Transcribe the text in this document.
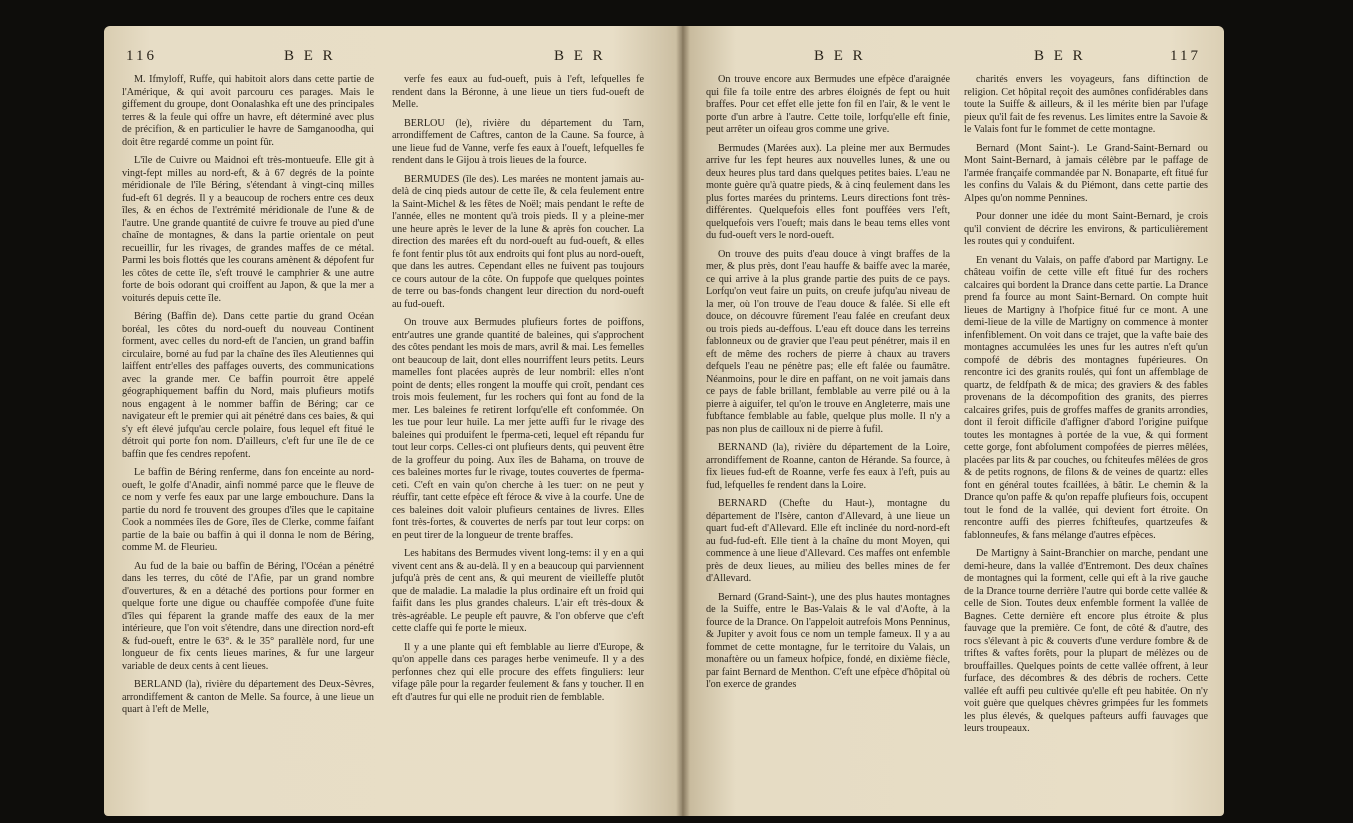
116	B E R	B E R

M. Ifmyloff, Ruffe, qui habitoit alors dans cette partie de l'Amérique, & qui avoit parcouru ces parages. Mais le giffement du groupe, dont Oonalashka eft une des principales terres & la feule qui offre un havre, eft déterminé avec plus de précifion, & en particulier le havre de Samganoodha, qui doit être regardé comme un point fûr.

L'île de Cuivre ou Maidnoi eft très-montueufe. Elle git à vingt-fept milles au nord-eft, & à 67 degrés de la pointe méridionale de l'île Béring, s'étendant à vingt-cinq milles fud-eft 61 degrés. Il y a beaucoup de rochers entre ces deux îles, & en échos de l'extrémité méridionale de l'une & de l'autre. Une grande quantité de cuivre fe trouve au pied d'une chaîne de montagnes, & dans la partie orientale on peut recueillir, fur les rivages, de grandes maffes de ce métal. Parmi les bois flottés que les courans amènent & dépofent fur les côtes de cette île, s'eft trouvé le camphrier & une autre forte de bois odorant qui croiffent au Japon, & que la mer a voiturés depuis cette île.

Béring (Baffin de). Dans cette partie du grand Océan boréal, les côtes du nord-oueft du nouveau Continent forment, avec celles du nord-eft de l'ancien, un grand baffin circulaire, borné au fud par la chaîne des îles Aleutiennes qui laiffent entr'elles des paffages ouverts, des communications avec la grande mer. Ce baffin pourroit être appelé géographiquement baffin du Nord, mais plufieurs motifs nous engagent à le nommer baffin de Béring; car ce navigateur eft le premier qui ait pénétré dans ces baies, & qui s'y eft élevé jufqu'au cercle polaire, fous lequel eft fitué le détroit qui porte fon nom. D'ailleurs, c'eft fur une île de ce baffin que fes cendres repofent.

Le baffin de Béring renferme, dans fon enceinte au nord-oueft, le golfe d'Anadir, ainfi nommé parce que le fleuve de ce nom y verfe fes eaux par une large embouchure. Dans la partie du nord fe trouvent des groupes d'îles que le capitaine Cook a nommées îles de Gore, îles de Clerke, comme faifant partie de la baie ou baffin à qui il donna le nom de Béring, comme M. de Fleurieu.

Au fud de la baie ou baffin de Béring, l'Océan a pénétré dans les terres, du côté de l'Afie, par un grand nombre d'ouvertures, & en a détaché des portions pour former en quelque forte une digue ou chauffée compofée d'une fuite d'îles qui féparent la grande maffe des eaux de la mer intérieure, que l'on voit s'étendre, dans une direction nord-eft & fud-oueft, entre le 63°. & le 35° parallèle nord, fur une longueur de fix cents lieues marines, & fur une largeur variable de deux cents à cent lieues.

BERLAND (la), rivière du département des Deux-Sèvres, arrondiffement & canton de Melle. Sa fource, à une lieue un quart à l'eft de Melle,

verfe fes eaux au fud-oueft, puis à l'eft, lefquelles fe rendent dans la Béronne, à une lieue un tiers fud-oueft de Melle.

BERLOU (le), rivière du département du Tarn, arrondiffement de Caftres, canton de la Caune. Sa fource, à une lieue fud de Vanne, verfe fes eaux à l'oueft, lefquelles fe rendent dans le Gijou à trois lieues de la fource.

BERMUDES (île des). Les marées ne montent jamais au-delà de cinq pieds autour de cette île, & cela feulement entre la Saint-Michel & les fêtes de Noël; mais pendant le refte de l'année, elles ne montent qu'à trois pieds. Il y a pleine-mer une heure après le lever de la lune & après fon coucher. La direction des marées eft du nord-oueft au fud-oueft, & elles fe font fentir plus tôt aux endroits qui font plus au nord-oueft, que dans les autres. Cependant elles ne fuivent pas toujours ce cours autour de la côte. On fuppofe que quelques pointes de terre ou bas-fonds changent leur direction du nord-oueft au fud-oueft.

On trouve aux Bermudes plufieurs fortes de poiffons, entr'autres une grande quantité de baleines, qui s'approchent des côtes pendant les mois de mars, avril & mai. Les femelles ont beaucoup de lait, dont elles nourriffent leurs petits. Leurs mamelles font placées auprès de leur nombril: elles n'ont point de dents; elles rongent la mouffe qui croît, pendant ces trois mois feulement, fur les rochers qui font au fond de la mer. Les baleines fe retirent lorfqu'elle eft confommée. On les tue pour leur huile. La mer jette auffi fur le rivage des baleines qui produifent le fperma-ceti, lequel eft répandu fur tout leur corps. Celles-ci ont plufieurs dents, qui peuvent être de la groffeur du poing. Aux îles de Bahama, on trouve de ces baleines mortes fur le rivage, toutes couvertes de fperma-ceti. C'eft en vain qu'on cherche à les tuer: on ne peut y réuffir, tant cette efpèce eft féroce & vive à la courfe. Une de ces baleines doit valoir plufieurs centaines de livres. Elles font très-fortes, & couvertes de nerfs par tout leur corps: on en peut tirer de la longueur de trente braffes.

Les habitans des Bermudes vivent long-tems: il y en a qui vivent cent ans & au-delà. Il y en a beaucoup qui parviennent jufqu'à près de cent ans, & qui meurent de vieilleffe plutôt que de maladie. La maladie la plus ordinaire eft un froid qui faifit dans les plus grandes chaleurs. L'air eft très-doux & très-agréable. Le peuple eft pauvre, & l'on obferve que c'eft cette claffe qui fe porte le mieux.

Il y a une plante qui eft femblable au lierre d'Europe, & qu'on appelle dans ces parages herbe venimeufe. Il y a des perfonnes chez qui elle procure des effets finguliers: leur vifage pâle pour la regarder feulement & fans y toucher. Il en eft d'autres fur qui elle ne produit rien de femblable.

B E R	B E R	117

On trouve encore aux Bermudes une efpèce d'araignée qui file fa toile entre des arbres éloignés de fept ou huit braffes. Pour cet effet elle jette fon fil en l'air, & le vent le porte d'un arbre à l'autre. Cette toile, lorfqu'elle eft finie, peut arrêter un oifeau gros comme une grive.

Bermudes (Marées aux). La pleine mer aux Bermudes arrive fur les fept heures aux nouvelles lunes, & une ou deux heures plus tard dans quelques petites baies. L'eau ne monte guère qu'à quatre pieds, & à cinq feulement dans les plus fortes marées du printems. Leurs directions font très-différentes. Quelquefois elles font pouffées vers l'eft, quelquefois vers l'oueft; mais dans le beau tems elles vont du fud-oueft vers le nord-oueft.

On trouve des puits d'eau douce à vingt braffes de la mer, & plus près, dont l'eau hauffe & baiffe avec la marée, ce qui arrive à la plus grande partie des puits de ce pays. Lorfqu'on veut faire un puits, on creufe jufqu'au niveau de la mer, où l'on trouve de l'eau douce & falée. Si elle eft douce, on découvre fûrement l'eau falée en creufant deux ou trois pieds au-deffous. L'eau eft douce dans les terreins fablonneux ou de gravier que l'eau peut pénétrer, mais il en eft de même des rochers de pierre à chaux au travers defquels l'eau ne pénètre pas; elle eft falée ou faumâtre. Néanmoins, pour le dire en paffant, on ne voit jamais dans ce pays de fable brillant, femblable au verre pilé ou à la pierre à aiguifer, tel qu'on le trouve en Angleterre, mais une fubftance femblable au fable, quelque plus molle. Il n'y a pas non plus de cailloux ni de pierre à fufil.

BERNAND (la), rivière du département de la Loire, arrondiffement de Roanne, canton de Hérande. Sa fource, à fix lieues fud-eft de Roanne, verfe fes eaux à l'eft, puis au fud, lefquelles fe rendent dans la Loire.

BERNARD (Chefte du Haut-), montagne du département de l'Isère, canton d'Allevard, à une lieue un quart fud-eft d'Allevard. Elle eft inclinée du nord-nord-eft au fud-fud-eft. Elle tient à la chaîne du mont Moyen, qui commence à une lieue d'Allevard. Ces maffes ont enfemble près de deux lieues, au milieu des belles mines de fer d'Allevard.

Bernard (Grand-Saint-), une des plus hautes montagnes de la Suiffe, entre le Bas-Valais & le val d'Aofte, à la fource de la Drance. On l'appeloit autrefois Mons Penninus, & Jupiter y avoit fous ce nom un temple fameux. Il y a au fommet de cette montagne, fur le territoire du Valais, un monaftère ou un fameux hofpice, fondé, en dixième fiècle, par faint Bernard de Menthon. C'eft une efpèce d'hôpital où l'on exerce de grandes

charités envers les voyageurs, fans diftinction de religion. Cet hôpital reçoit des aumônes confidérables dans toute la Suiffe & ailleurs, & il les mérite bien par l'ufage pieux qu'il fait de fes revenus. Les limites entre la Savoie & le Valais font fur le fommet de cette montagne.

Bernard (Mont Saint-). Le Grand-Saint-Bernard ou Mont Saint-Bernard, à jamais célèbre par le paffage de l'armée françaife commandée par N. Bonaparte, eft fitué fur les confins du Valais & du Piémont, dans cette partie des Alpes qu'on nomme Pennines.

Pour donner une idée du mont Saint-Bernard, je crois qu'il convient de décrire les environs, & particulièrement les routes qui y conduifent.

En venant du Valais, on paffe d'abord par Martigny. Le château voifin de cette ville eft fitué fur des rochers calcaires qui bordent la Drance dans cette partie. La Drance prend fa fource au mont Saint-Bernard. On compte huit lieues de Martigny à l'hofpice fitué fur ce mont. A une demi-lieue de la ville de Martigny on commence à monter infenfiblement. On voit dans ce trajet, que la vafte baie des montagnes accumulées les unes fur les autres n'eft qu'un compofé de débris des montagnes fupérieures. On rencontre ici des granits roulés, qui font un affemblage de quartz, de feldfpath & de mica; des graviers & des fables provenans de la décompofition des granits, des pierres calcaires grifes, puis de groffes maffes de granits arrondies, dont il feroit difficile d'affigner d'abord l'origine puifque toutes les montagnes à portée de la vue, & qui forment cette gorge, font abfolument compofées de pierres mêlées, placées par lits & par couches, ou fchiteufes mêlées de gros & de petits rognons, de filons & de veines de quartz: elles font en général toutes fcaillées, à bâtir. Le chemin & la Drance qu'on paffe & qu'on repaffe plufieurs fois, occupent tout le fond de la vallée, qui devient fort étroite. On rencontre auffi des pierres fchifteufes, quartzeufes & fablonneufes, & fans mélange d'autres efpèces.

De Martigny à Saint-Branchier on marche, pendant une demi-heure, dans la vallée d'Entremont. Des deux chaînes de montagnes qui la forment, celle qui eft à la rive gauche de la Drance tourne derrière l'autre qui borde cette vallée & celle de Sion. Toutes deux enfemble forment la vallée de Bagnes. Cette dernière eft encore plus étroite & plus fauvage que la première. Ce font, de côté & d'autre, des rocs s'élevant à pic & couverts d'une verdure fombre & de triftes & vaftes forêts, pour la plupart de mélèzes ou de brouffailles. Quelques points de cette vallée offrent, à leur furface, des décombres & des débris de rochers. Cette vallée eft auffi peu cultivée qu'elle eft peu habitée. On n'y voit guère que quelques chèvres grimpées fur les fommets les plus élevés, & quelques pafteurs auffi fauvages que leurs troupeaux.
